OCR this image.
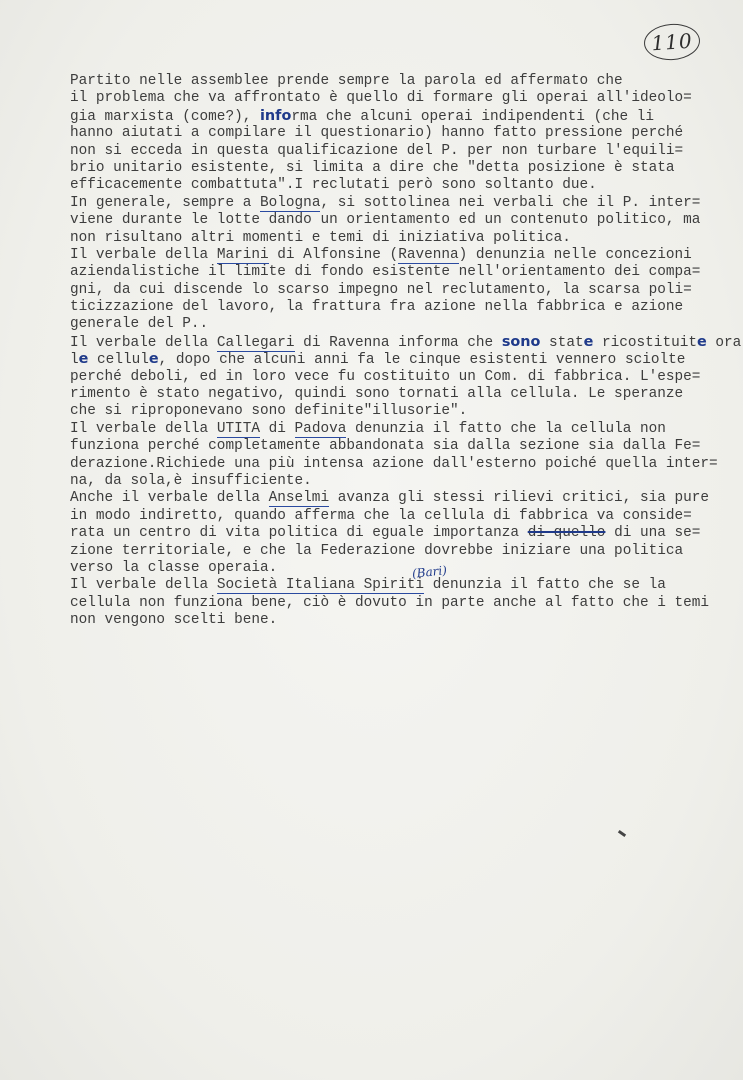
110
Partito nelle assemblee prende sempre la parola ed affermato che
il problema che va affrontato è quello di formare gli operai all'ideolo=
gia marxista (come?), informa che alcuni operai indipendenti (che li
hanno aiutati a compilare il questionario) hanno fatto pressione perché
non si ecceda in questa qualificazione del P. per non turbare l'equili=
brio unitario esistente, si limita a dire che "detta posizione è stata
efficacemente combattuta".I reclutati però sono soltanto due.
In generale, sempre a Bologna, si sottolinea nei verbali che il P. inter=
viene durante le lotte dando un orientamento ed un contenuto politico, ma
non risultano altri momenti e temi di iniziativa politica.
Il verbale della Marini di Alfonsine (Ravenna) denunzia nelle concezioni
aziendalistiche il limite di fondo esistente nell'orientamento dei compa=
gni, da cui discende lo scarso impegno nel reclutamento, la scarsa poli=
ticizzazione del lavoro, la frattura fra azione nella fabbrica e azione
generale del P..
Il verbale della Callegari di Ravenna informa che sono state ricostituite ora
le cellule, dopo che alcuni anni fa le cinque esistenti vennero sciolte
perché deboli, ed in loro vece fu costituito un Com. di fabbrica. L'espe=
rimento è stato negativo, quindi sono tornati alla cellula. Le speranze
che si riproponevano sono definite"illusorie".
Il verbale della UTITA di Padova denunzia il fatto che la cellula non
funziona perché completamente abbandonata sia dalla sezione sia dalla Fe=
derazione.Richiede una più intensa azione dall'esterno poiché quella inter=
na, da sola,è insufficiente.
Anche il verbale della Anselmi avanza gli stessi rilievi critici, sia pure
in modo indiretto, quando afferma che la cellula di fabbrica va conside=
rata un centro di vita politica di eguale importanza di quello di una se=
zione territoriale, e che la Federazione dovrebbe iniziare una politica
verso la classe operaia.
Il verbale della Società Italiana Spiriti denunzia il fatto che se la
cellula non funziona bene, ciò è dovuto in parte anche al fatto che i temi
non vengono scelti bene.
(Bari)
